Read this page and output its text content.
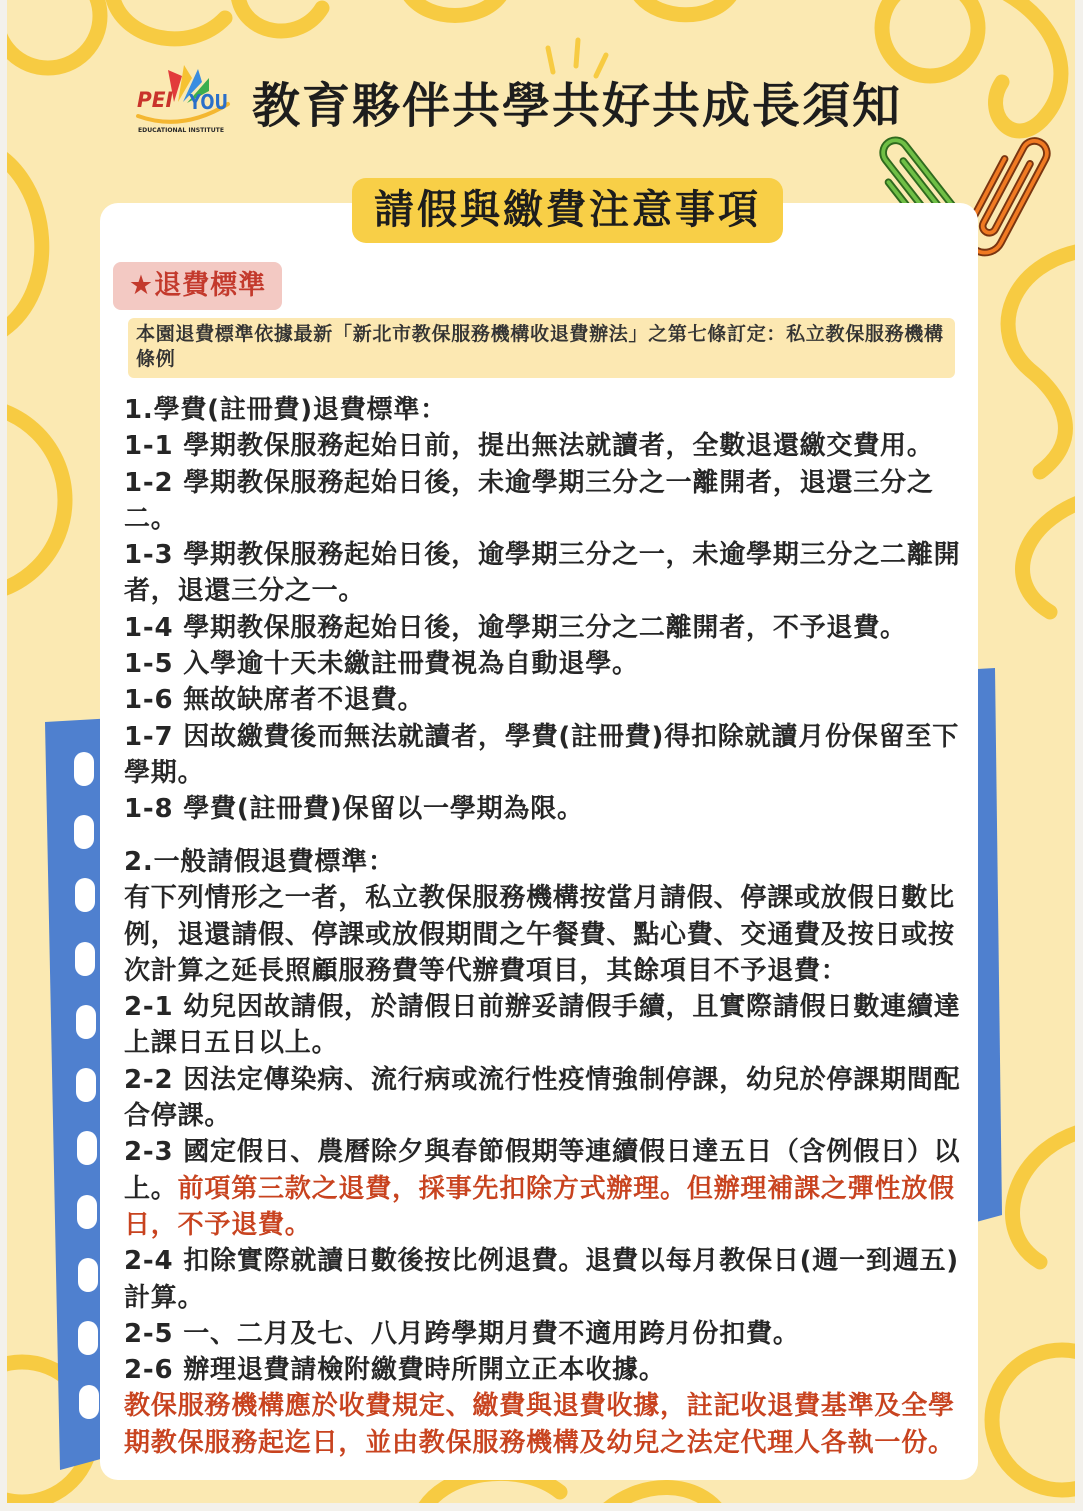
PEI YOU
EDUCATIONAL INSTITUTE 教育夥伴共學共好共成長須知
★退費標準
本園退費標準依據最新「新北市教保服務機構收退費辦法」之第七條訂定：私立教保服務機構
條例
1.學費(註冊費)退費標準：
1-1 學期教保服務起始日前，提出無法就讀者，全數退還繳交費用。
1-2 學期教保服務起始日後，未逾學期三分之一離開者，退還三分之
二。
1-3 學期教保服務起始日後，逾學期三分之一，未逾學期三分之二離開
者，退還三分之一。
1-4 學期教保服務起始日後，逾學期三分之二離開者，不予退費。
1-5 入學逾十天未繳註冊費視為自動退學。
1-6 無故缺席者不退費。
1-7 因故繳費後而無法就讀者，學費(註冊費)得扣除就讀月份保留至下
學期。
1-8 學費(註冊費)保留以一學期為限。
2.一般請假退費標準：
有下列情形之一者，私立教保服務機構按當月請假、停課或放假日數比
例，退還請假、停課或放假期間之午餐費、點心費、交通費及按日或按
次計算之延長照顧服務費等代辦費項目，其餘項目不予退費：
2-1 幼兒因故請假，於請假日前辦妥請假手續，且實際請假日數連續達
上課日五日以上。
2-2 因法定傳染病、流行病或流行性疫情強制停課，幼兒於停課期間配
合停課。
2-3 國定假日、農曆除夕與春節假期等連續假日達五日（含例假日）以
上。前項第三款之退費，採事先扣除方式辦理。但辦理補課之彈性放假
日，不予退費。
2-4 扣除實際就讀日數後按比例退費。退費以每月教保日(週一到週五)
計算。
2-5 一、二月及七、八月跨學期月費不適用跨月份扣費。
2-6 辦理退費請檢附繳費時所開立正本收據。
教保服務機構應於收費規定、繳費與退費收據，註記收退費基準及全學
期教保服務起迄日，並由教保服務機構及幼兒之法定代理人各執一份。
請假與繳費注意事項
